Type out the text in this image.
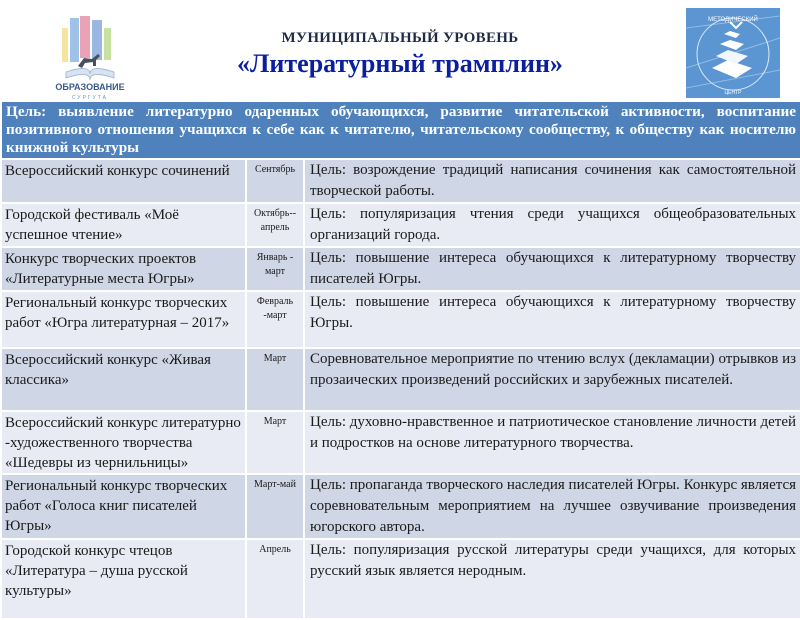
ОБРАЗОВАНИЕ
СУРГУТА
МУНИЦИПАЛЬНЫЙ УРОВЕНЬ
«Литературный трамплин»
МЕТОДИЧЕСКИЙ
ЦЕНТР
Цель: выявление литературно одаренных обучающихся, развитие читательской активности, воспитание позитивного отношения учащихся к себе как к читателю, читательскому сообществу, к обществу как носителю книжной культуры		
Всероссийский конкурс сочинений	Сентябрь	Цель: возрождение традиций написания сочинения как самостоятельной творческой работы.
Городской фестиваль «Моё успешное чтение»	Октябрь--апрель	Цель: популяризация чтения среди учащихся общеобразовательных организаций города.
Конкурс творческих проектов «Литературные места Югры»	Январь - март	Цель: повышение интереса обучающихся к литературному творчеству писателей Югры.
Региональный конкурс творческих работ «Югра литературная – 2017»	Февраль -март	Цель: повышение интереса обучающихся к литературному творчеству Югры.
Всероссийский конкурс «Живая классика»	Март	Соревновательное мероприятие по чтению вслух (декламации) отрывков из прозаических произведений российских и зарубежных писателей.
Всероссийский конкурс литературно -художественного творчества «Шедевры из чернильницы»	Март	Цель: духовно-нравственное и патриотическое становление личности детей и подростков на основе литературного творчества.
Региональный конкурс творческих работ «Голоса книг писателей Югры»	Март-май	Цель: пропаганда творческого наследия писателей Югры. Конкурс является соревновательным мероприятием на лучшее озвучивание произведения югорского автора.
Городской конкурс чтецов «Литература – душа русской культуры»	Апрель	Цель: популяризация русской литературы среди учащихся, для которых русский язык является неродным.
